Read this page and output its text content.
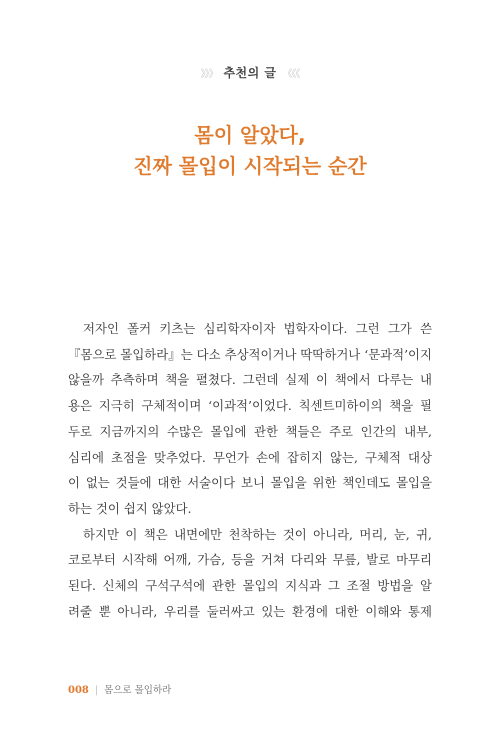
》》》 추천의 글 《《《
몸이 알았다,
진짜 몰입이 시작되는 순간
저자인 폴커 키츠는 심리학자이자 법학자이다. 그런 그가 쓴
『몸으로 몰입하라』는 다소 추상적이거나 딱딱하거나 ‘문과적’이지
않을까 추측하며 책을 펼쳤다. 그런데 실제 이 책에서 다루는 내
용은 지극히 구체적이며 ‘이과적’이었다. 칙센트미하이의 책을 필
두로 지금까지의 수많은 몰입에 관한 책들은 주로 인간의 내부,
심리에 초점을 맞추었다. 무언가 손에 잡히지 않는, 구체적 대상
이 없는 것들에 대한 서술이다 보니 몰입을 위한 책인데도 몰입을
하는 것이 쉽지 않았다.
하지만 이 책은 내면에만 천착하는 것이 아니라, 머리, 눈, 귀,
코로부터 시작해 어깨, 가슴, 등을 거쳐 다리와 무릎, 발로 마무리
된다. 신체의 구석구석에 관한 몰입의 지식과 그 조절 방법을 알
려줄 뿐 아니라, 우리를 둘러싸고 있는 환경에 대한 이해와 통제
008 | 몸으로 몰입하라
